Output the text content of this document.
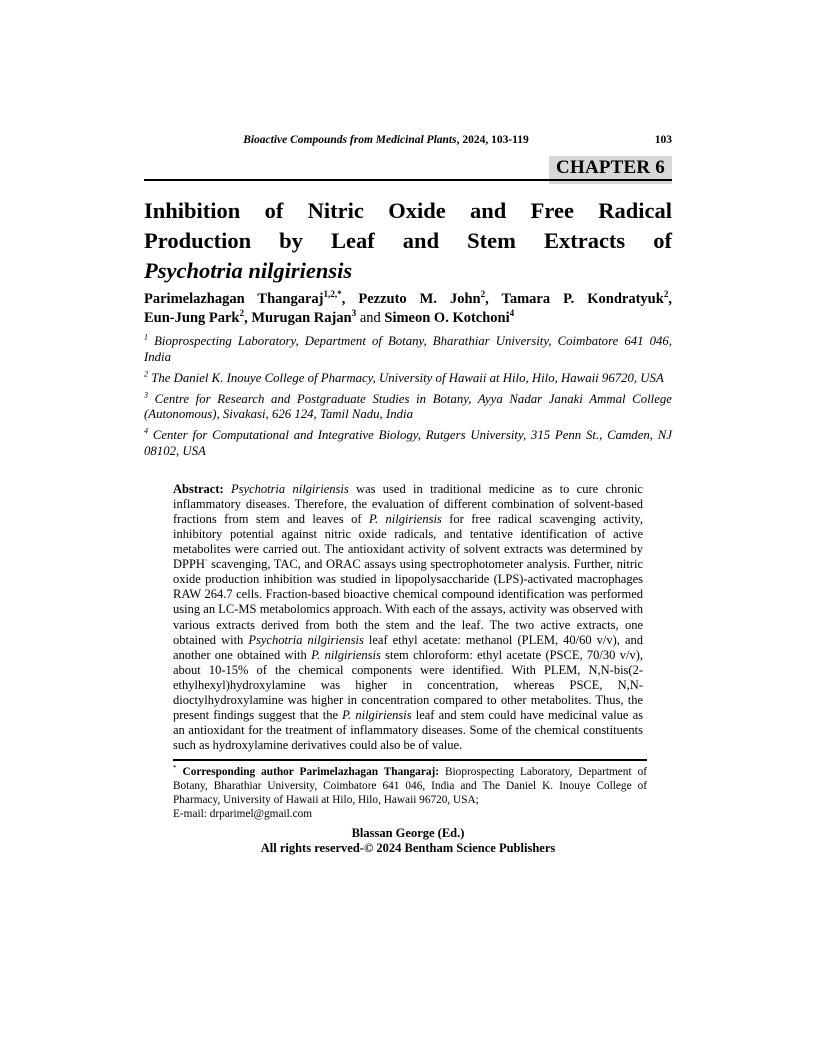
Bioactive Compounds from Medicinal Plants, 2024, 103-119	103
CHAPTER 6
Inhibition of Nitric Oxide and Free Radical
Production by Leaf and Stem Extracts of
Psychotria nilgiriensis
Parimelazhagan Thangaraj$^{1,2,*}$, Pezzuto M. John$^2$, Tamara P. Kondratyuk$^2$,
Eun-Jung Park$^2$, Murugan Rajan$^3$ and Simeon O. Kotchoni$^4$

$^1$ Bioprospecting Laboratory, Department of Botany, Bharathiar University, Coimbatore 641 046, India

$^2$ The Daniel K. Inouye College of Pharmacy, University of Hawaii at Hilo, Hilo, Hawaii 96720, USA

$^3$ Centre for Research and Postgraduate Studies in Botany, Ayya Nadar Janaki Ammal College (Autonomous), Sivakasi, 626 124, Tamil Nadu, India

$^4$ Center for Computational and Integrative Biology, Rutgers University, 315 Penn St., Camden, NJ 08102, USA

Abstract: Psychotria nilgiriensis was used in traditional medicine as to cure chronic inflammatory diseases. Therefore, the evaluation of different combination of solvent-based fractions from stem and leaves of P. nilgiriensis for free radical scavenging activity, inhibitory potential against nitric oxide radicals, and tentative identification of active metabolites were carried out. The antioxidant activity of solvent extracts was determined by DPPH· scavenging, TAC, and ORAC assays using spectrophotometer analysis. Further, nitric oxide production inhibition was studied in lipopolysaccharide (LPS)-activated macrophages RAW 264.7 cells. Fraction-based bioactive chemical compound identification was performed using an LC-MS metabolomics approach. With each of the assays, activity was observed with various extracts derived from both the stem and the leaf. The two active extracts, one obtained with Psychotria nilgiriensis leaf ethyl acetate: methanol (PLEM, 40/60 v/v), and another one obtained with P. nilgiriensis stem chloroform: ethyl acetate (PSCE, 70/30 v/v), about 10-15% of the chemical components were identified. With PLEM, N,N-bis(2-ethylhexyl)hydroxylamine was higher in concentration, whereas PSCE, N,N-dioctylhydroxylamine was higher in concentration compared to other metabolites. Thus, the present findings suggest that the P. nilgiriensis leaf and stem could have medicinal value as an antioxidant for the treatment of inflammatory diseases. Some of the chemical constituents such as hydroxylamine derivatives could also be of value.
* Corresponding author Parimelazhagan Thangaraj: Bioprospecting Laboratory, Department of Botany, Bharathiar University, Coimbatore 641 046, India and The Daniel K. Inouye College of Pharmacy, University of Hawaii at Hilo, Hilo, Hawaii 96720, USA;
E-mail: drparimel@gmail.com
Blassan George (Ed.)
All rights reserved-© 2024 Bentham Science Publishers
